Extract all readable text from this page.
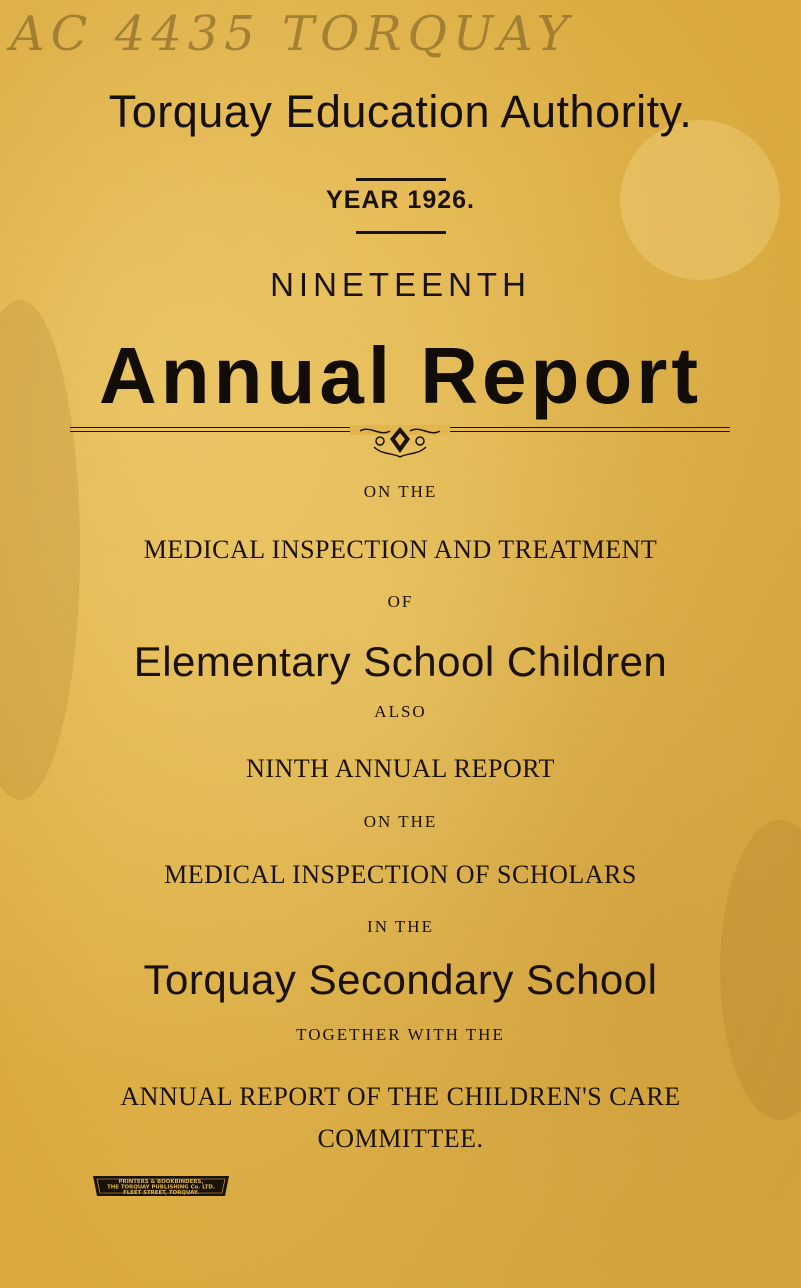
AC 4435 TORQUAY
Torquay Education Authority.
YEAR 1926.
NINETEENTH
Annual Report
ON THE
MEDICAL INSPECTION AND TREATMENT
OF
Elementary School Children
ALSO
NINTH ANNUAL REPORT
ON THE
MEDICAL INSPECTION OF SCHOLARS
IN THE
Torquay Secondary School
TOGETHER WITH THE
ANNUAL REPORT OF THE CHILDREN'S CARE
COMMITTEE.
PRINTERS & BOOKBINDERS,
THE TORQUAY PUBLISHING Co. LTD.
FLEET STREET, TORQUAY.
